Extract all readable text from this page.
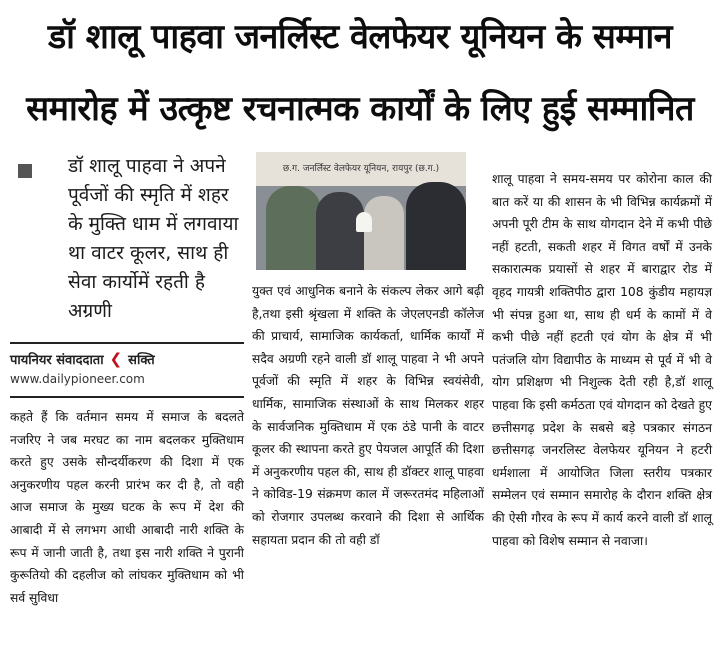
डॉ शालू पाहवा जनर्लिस्ट वेलफेयर यूनियन के सम्मान
समारोह में उत्कृष्ट रचनात्मक कार्यों के लिए हुई सम्मानित
डॉ शालू पाहवा ने अपने पूर्वजों की स्मृति में शहर के मुक्ति धाम में लगवाया था वाटर कूलर, साथ ही सेवा कार्योमें रहती है अग्रणी
पायनियर संवाददाता ❮ सक्ति
www.dailypioneer.com
कहते हैं कि वर्तमान समय में समाज के बदलते नजरिए ने जब मरघट का नाम बदलकर मुक्तिधाम करते हुए उसके सौन्दर्यीकरण की दिशा में एक अनुकरणीय पहल करनी प्रारंभ कर दी है, तो वही आज समाज के मुख्य घटक के रूप में देश की आबादी में से लगभग आधी आबादी नारी शक्ति के रूप में जानी जाती है, तथा इस नारी शक्ति ने पुरानी कुरूतियो की दहलीज को लांघकर मुक्तिधाम को भी सर्व सुविधा
छ.ग. जनर्लिस्ट वेलफेयर यूनियन, रायपुर (छ.ग.)
युक्त एवं आधुनिक बनाने के संकल्प लेकर आगे बढ़ी है,तथा इसी श्रृंखला में शक्ति के जेएलएनडी कॉलेज की प्राचार्य, सामाजिक कार्यकर्ता, धार्मिक कार्यों में सदैव अग्रणी रहने वाली डॉ शालू पाहवा ने भी अपने पूर्वजों की स्मृति में शहर के विभिन्न स्वयंसेवी, धार्मिक, सामाजिक संस्थाओं के साथ मिलकर शहर के सार्वजनिक मुक्तिधाम में एक ठंडे पानी के वाटर कूलर की स्थापना करते हुए पेयजल आपूर्ति की दिशा में अनुकरणीय पहल की, साथ ही डॉक्टर शालू पाहवा ने कोविड-19 संक्रमण काल में जरूरतमंद महिलाओं को रोजगार उपलब्ध करवाने की दिशा से आर्थिक सहायता प्रदान की तो वही डॉ
शालू पाहवा ने समय-समय पर कोरोना काल की बात करें या की शासन के भी विभिन्न कार्यक्रमों में अपनी पूरी टीम के साथ योगदान देने में कभी पीछे नहीं हटती, सकती शहर में विगत वर्षों में उनके सकारात्मक प्रयासों से शहर में बाराद्वार रोड में वृहद गायत्री शक्तिपीठ द्वारा 108 कुंडीय महायज्ञ भी संपन्न हुआ था, साथ ही धर्म के कामों में वे कभी पीछे नहीं हटती एवं योग के क्षेत्र में भी पतंजलि योग विद्यापीठ के माध्यम से पूर्व में भी वे योग प्रशिक्षण भी निशुल्क देती रही है,डॉ शालू पाहवा कि इसी कर्मठता एवं योगदान को देखते हुए छत्तीसगढ़ प्रदेश के सबसे बड़े पत्रकार संगठन छत्तीसगढ़ जनरलिस्ट वेलफेयर यूनियन ने हटरी धर्मशाला में आयोजित जिला स्तरीय पत्रकार सम्मेलन एवं सम्मान समारोह के दौरान शक्ति क्षेत्र की ऐसी गौरव के रूप में कार्य करने वाली डॉ शालू पाहवा को विशेष सम्मान से नवाजा।
